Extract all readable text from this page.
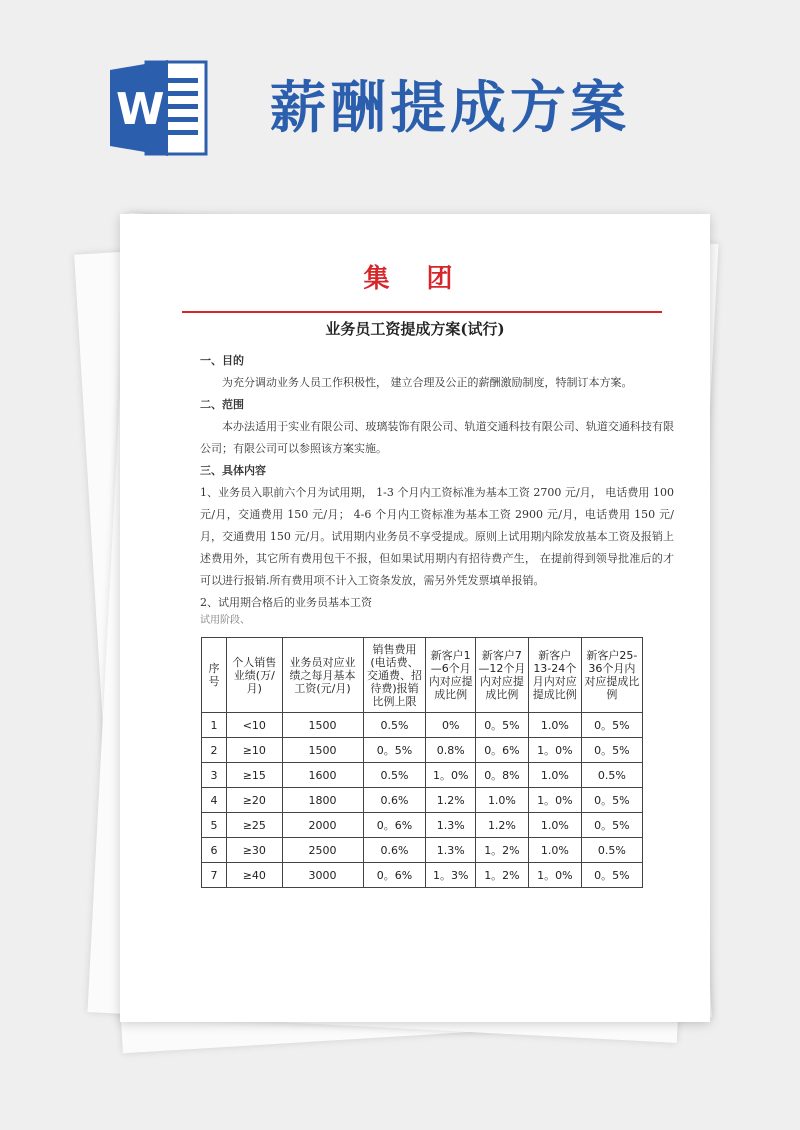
W 薪酬提成方案
集 团
业务员工资提成方案(试行)

一、目的

为充分调动业务人员工作积极性， 建立合理及公正的薪酬激励制度，特制订本方案。

二、范围

本办法适用于实业有限公司、玻璃装饰有限公司、轨道交通科技有限公司、轨道交通科技有限公司；有限公司可以参照该方案实施。

三、具体内容

1、业务员入职前六个月为试用期， 1-3 个月内工资标准为基本工资 2700 元/月， 电话费用 100 元/月，交通费用 150 元/月； 4-6 个月内工资标准为基本工资 2900 元/月，电话费用 150 元/月，交通费用 150 元/月。试用期内业务员不享受提成。原则上试用期内除发放基本工资及报销上述费用外，其它所有费用包干不报，但如果试用期内有招待费产生， 在提前得到领导批准后的才可以进行报销.所有费用项不计入工资条发放，需另外凭发票填单报销。

2、试用期合格后的业务员基本工资

试用阶段、

序号	个人销售业绩(万/月)	业务员对应业绩之每月基本工资(元/月)	销售费用(电话费、交通费、招待费)报销比例上限	新客户1—6个月内对应提成比例	新客户7—12个月内对应提成比例	新客户13-24个月内对应提成比例	新客户25-36个月内对应提成比例
1	<10	1500	0.5%	0%	0。5%	1.0%	0。5%
2	≥10	1500	0。5%	0.8%	0。6%	1。0%	0。5%
3	≥15	1600	0.5%	1。0%	0。8%	1.0%	0.5%
4	≥20	1800	0.6%	1.2%	1.0%	1。0%	0。5%
5	≥25	2000	0。6%	1.3%	1.2%	1.0%	0。5%
6	≥30	2500	0.6%	1.3%	1。2%	1.0%	0.5%
7	≥40	3000	0。6%	1。3%	1。2%	1。0%	0。5%
